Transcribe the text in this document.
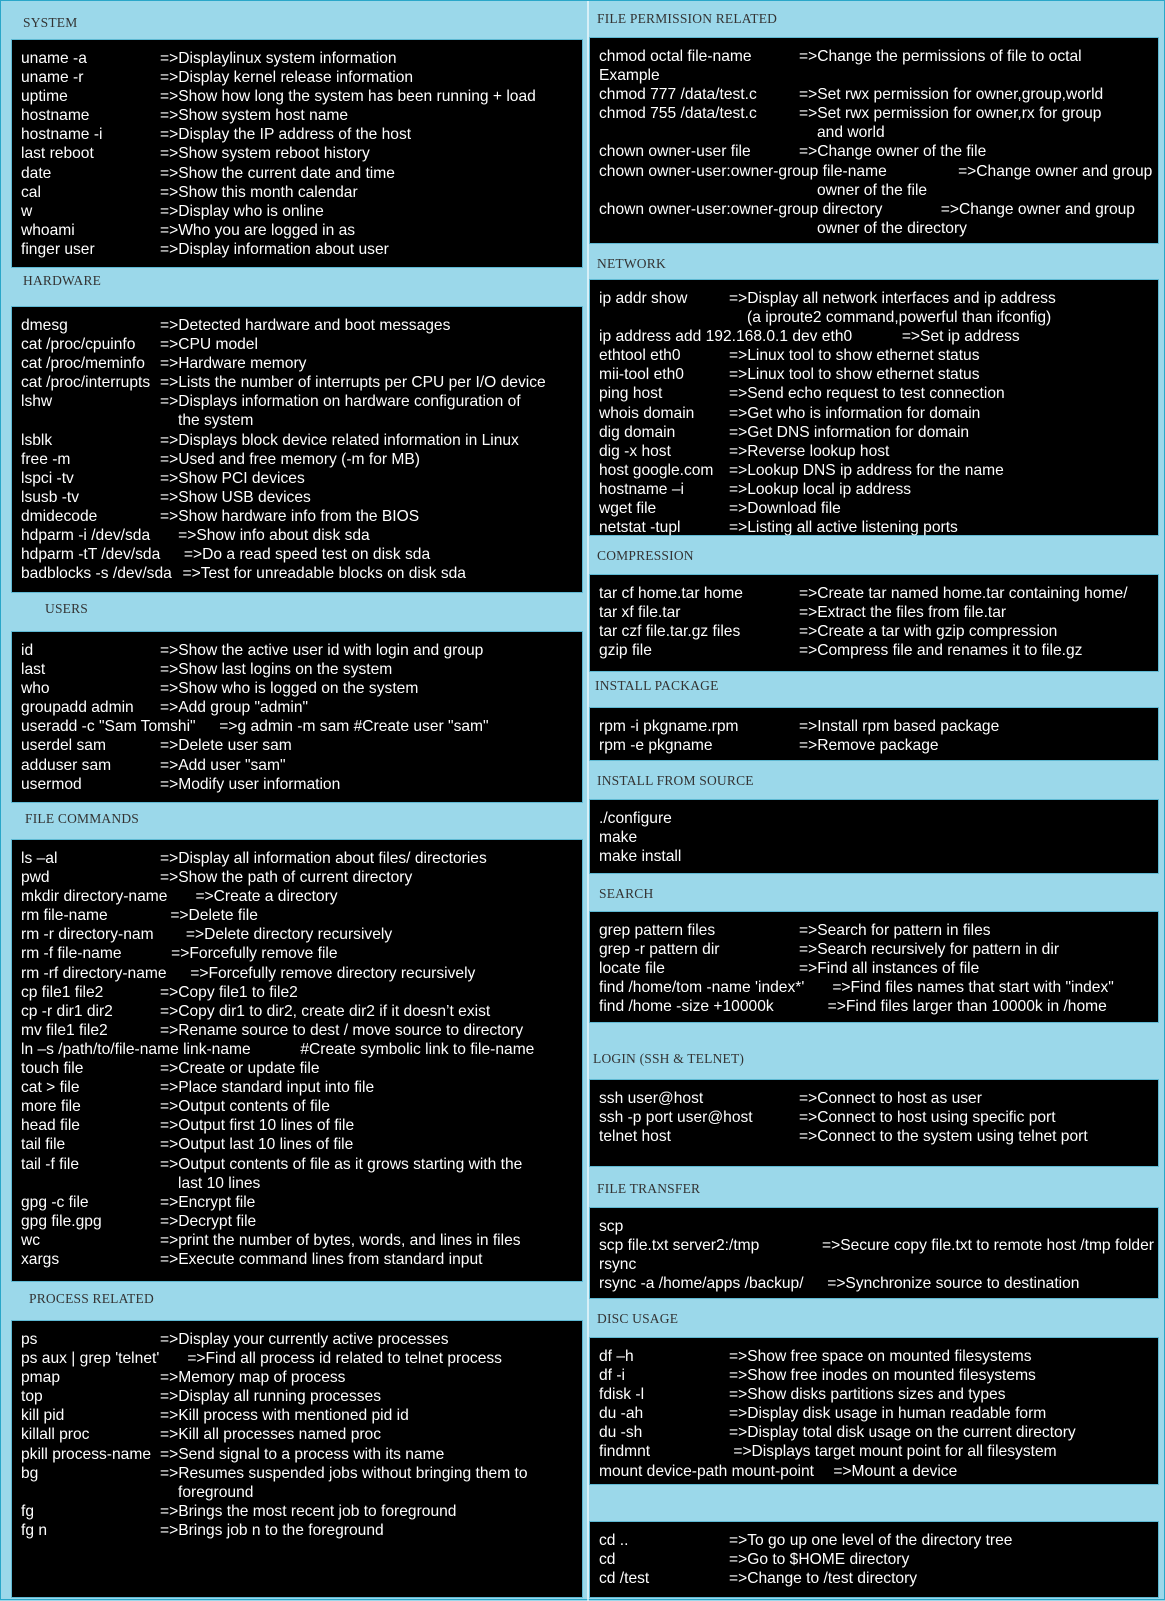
SYSTEM
uname -a	=>Displaylinux system information
uname -r	=>Display kernel release information
uptime	=>Show how long the system has been running + load
hostname	=>Show system host name
hostname -i	=>Display the IP address of the host
last reboot	=>Show system reboot history
date	=>Show the current date and time
cal	=>Show this month calendar
w	=>Display who is online
whoami	=>Who you are logged in as
finger user	=>Display information about user
HARDWARE
dmesg	=>Detected hardware and boot messages
cat /proc/cpuinfo	=>CPU model
cat /proc/meminfo =>Hardware memory
cat /proc/interrupts =>Lists the number of interrupts per CPU per I/O device
lshw	=>Displays information on hardware configuration of
the system
lsblk	=>Displays block device related information in Linux
free -m	=>Used and free memory (-m for MB)
lspci -tv	=>Show PCI devices
lsusb -tv	=>Show USB devices
dmidecode	=>Show hardware info from the BIOS
hdparm -i /dev/sda =>Show info about disk sda
hdparm -tT /dev/sda =>Do a read speed test on disk sda
badblocks -s /dev/sda =>Test for unreadable blocks on disk sda
USERS
id	=>Show the active user id with login and group
last	=>Show last logins on the system
who	=>Show who is logged on the system
groupadd admin	=>Add group "admin"
useradd -c "Sam Tomshi" =>g admin -m sam #Create user "sam"
userdel sam	=>Delete user sam
adduser sam	=>Add user "sam"
usermod	=>Modify user information
FILE COMMANDS
ls –al	=>Display all information about files/ directories
pwd	=>Show the path of current directory
mkdir directory-name =>Create a directory
rm file-name =>Delete file
rm -r directory-nam =>Delete directory recursively
rm -f file-name =>Forcefully remove file
rm -rf directory-name =>Forcefully remove directory recursively
cp file1 file2	=>Copy file1 to file2
cp -r dir1 dir2	=>Copy dir1 to dir2, create dir2 if it doesn’t exist
mv file1 file2	=>Rename source to dest / move source to directory
ln –s /path/to/file-name link-name #Create symbolic link to file-name
touch file	=>Create or update file
cat > file	=>Place standard input into file
more file	=>Output contents of file
head file	=>Output first 10 lines of file
tail file	=>Output last 10 lines of file
tail -f file	=>Output contents of file as it grows starting with the
last 10 lines
gpg -c file	=>Encrypt file
gpg file.gpg	=>Decrypt file
wc	=>print the number of bytes, words, and lines in files
xargs	=>Execute command lines from standard input
PROCESS RELATED
ps	=>Display your currently active processes
ps aux | grep 'telnet' =>Find all process id related to telnet process
pmap	=>Memory map of process
top	=>Display all running processes
kill pid	=>Kill process with mentioned pid id
killall proc	=>Kill all processes named proc
pkill process-name =>Send signal to a process with its name
bg	=>Resumes suspended jobs without bringing them to
foreground
fg	=>Brings the most recent job to foreground
fg n	=>Brings job n to the foreground
FILE PERMISSION RELATED
chmod octal file-name	=>Change the permissions of file to octal
Example
chmod 777 /data/test.c	=>Set rwx permission for owner,group,world
chmod 755 /data/test.c	=>Set rwx permission for owner,rx for group
and world
chown owner-user file	=>Change owner of the file
chown owner-user:owner-group file-name =>Change owner and group
owner of the file
chown owner-user:owner-group directory =>Change owner and group
owner of the directory
NETWORK
ip addr show	=>Display all network interfaces and ip address
(a iproute2 command,powerful than ifconfig)
ip address add 192.168.0.1 dev eth0 =>Set ip address
ethtool eth0	=>Linux tool to show ethernet status
mii-tool eth0	=>Linux tool to show ethernet status
ping host	=>Send echo request to test connection
whois domain	=>Get who is information for domain
dig domain	=>Get DNS information for domain
dig -x host	=>Reverse lookup host
host google.com =>Lookup DNS ip address for the name
hostname –i	=>Lookup local ip address
wget file	=>Download file
netstat -tupl	=>Listing all active listening ports
COMPRESSION
tar cf home.tar home	=>Create tar named home.tar containing home/
tar xf file.tar	=>Extract the files from file.tar
tar czf file.tar.gz files	=>Create a tar with gzip compression
gzip file	=>Compress file and renames it to file.gz
INSTALL PACKAGE
rpm -i pkgname.rpm	=>Install rpm based package
rpm -e pkgname	=>Remove package
INSTALL FROM SOURCE
./configure
make
make install
SEARCH
grep pattern files	=>Search for pattern in files
grep -r pattern dir	=>Search recursively for pattern in dir
locate file	=>Find all instances of file
find /home/tom -name 'index*' =>Find files names that start with "index"
find /home -size +10000k =>Find files larger than 10000k in /home
LOGIN (SSH & TELNET)
ssh user@host	=>Connect to host as user
ssh -p port user@host	=>Connect to host using specific port
telnet host	=>Connect to the system using telnet port
FILE TRANSFER
scp
scp file.txt server2:/tmp =>Secure copy file.txt to remote host /tmp folder
rsync
rsync -a /home/apps /backup/ =>Synchronize source to destination
DISC USAGE
df –h	=>Show free space on mounted filesystems
df -i	=>Show free inodes on mounted filesystems
fdisk -l	=>Show disks partitions sizes and types
du -ah	=>Display disk usage in human readable form
du -sh	=>Display total disk usage on the current directory
findmnt	=>Displays target mount point for all filesystem
mount device-path mount-point =>Mount a device
cd ..	=>To go up one level of the directory tree
cd	=>Go to $HOME directory
cd /test	=>Change to /test directory
